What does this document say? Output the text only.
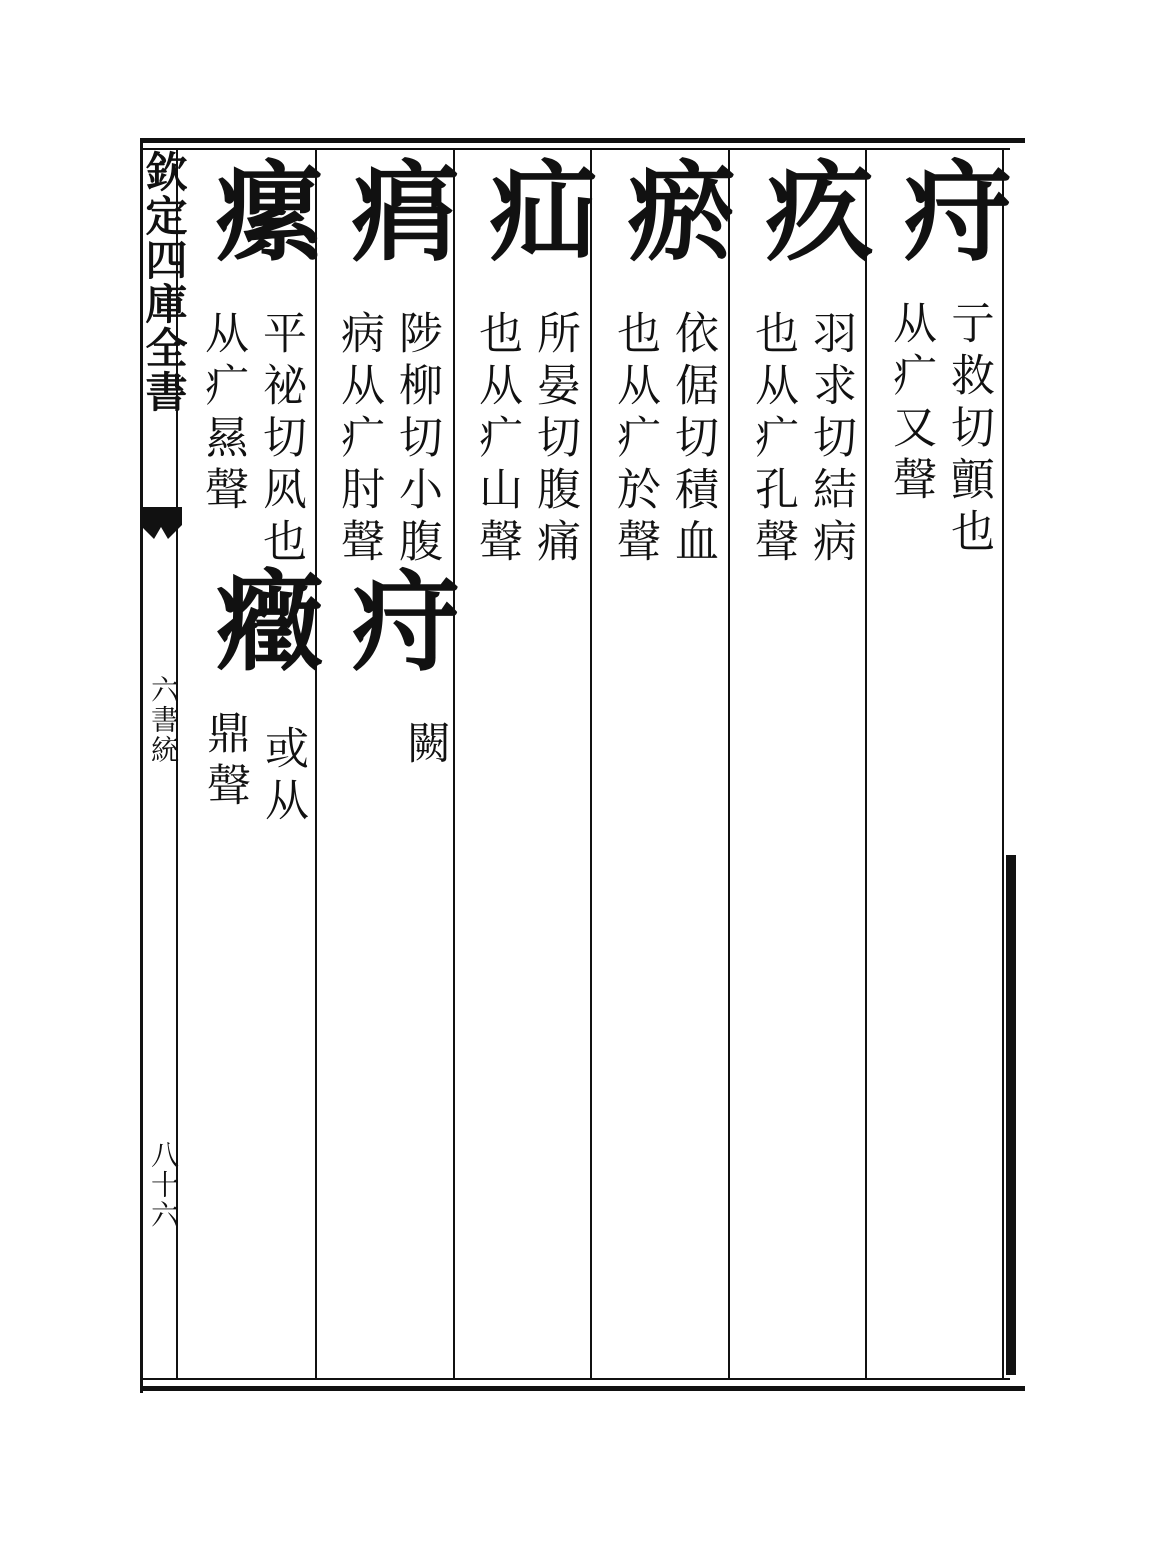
欽定四庫全書
六書統
八十六
疛
亍救切顫也
从疒又聲
疚
羽求切結病
也从疒孔聲
瘀
依倨切積血
也从疒於聲
疝
所晏切腹痛
也从疒山聲
㾓
陟柳切小腹
病从疒肘聲
疛
闕
瘰
平祕切㶡也
从疒㬎聲
癥
或从
鼎聲
